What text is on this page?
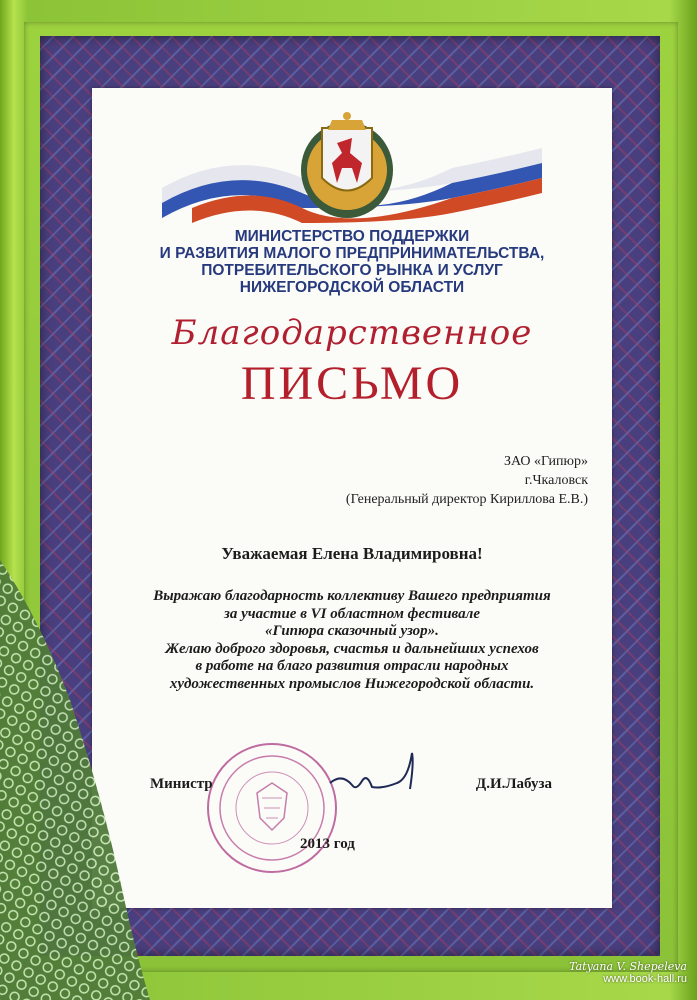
МИНИСТЕРСТВО ПОДДЕРЖКИ
И РАЗВИТИЯ МАЛОГО ПРЕДПРИНИМАТЕЛЬСТВА,
ПОТРЕБИТЕЛЬСКОГО РЫНКА И УСЛУГ
НИЖЕГОРОДСКОЙ ОБЛАСТИ
Благодарственное
ПИСЬМО
ЗАО «Гипюр»
г.Чкаловск
(Генеральный директор Кириллова Е.В.)
Уважаемая Елена Владимировна!
Выражаю благодарность коллективу Вашего предприятия
за участие в VI областном фестивале
«Гипюра сказочный узор».
Желаю доброго здоровья, счастья и дальнейших успехов
в работе на благо развития отрасли народных
художественных промыслов Нижегородской области.
Министр	Д.И.Лабуза
2013 год
Tatyana V. Shepeleva
www.book-hall.ru
